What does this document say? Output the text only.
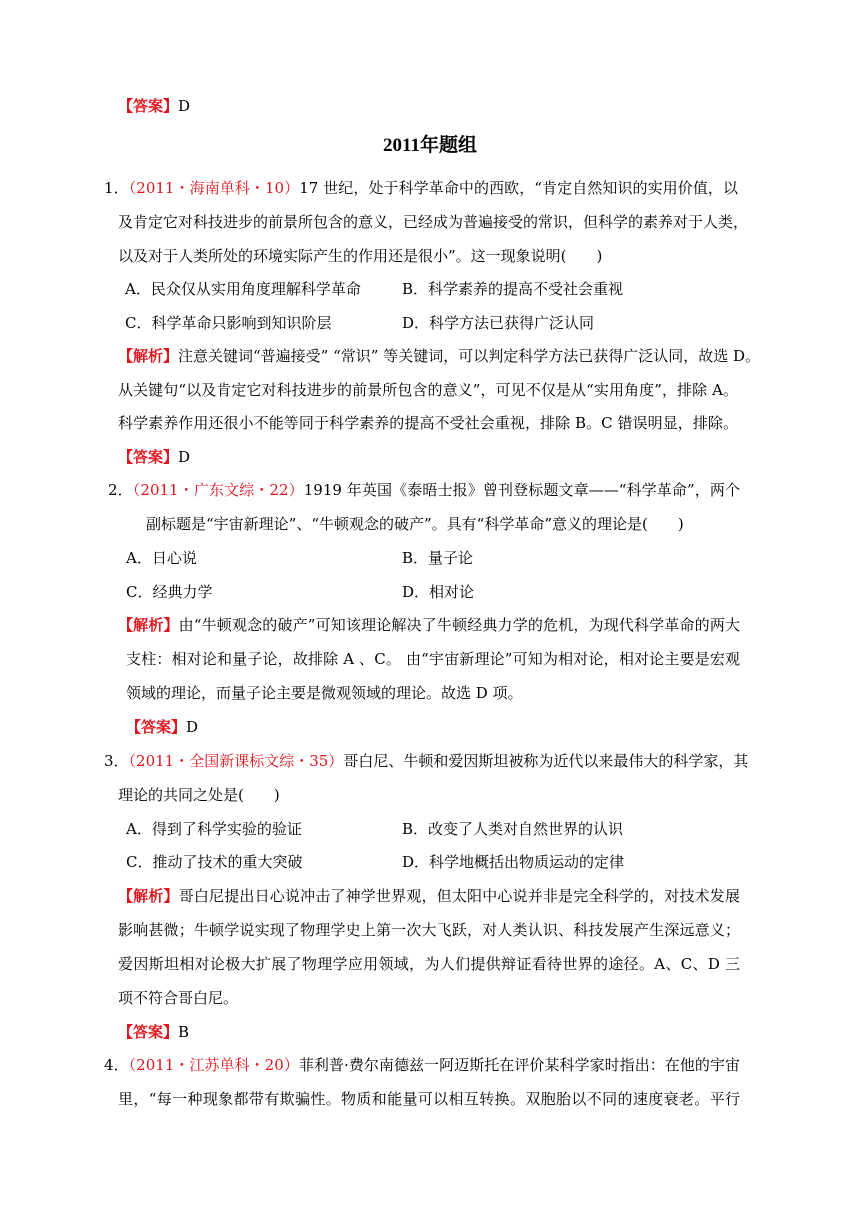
【答案】D
2011年题组
1．（2011・海南单科・10）17 世纪，处于科学革命中的西欧，“肯定自然知识的实用价值，以
及肯定它对科技进步的前景所包含的意义，已经成为普遍接受的常识，但科学的素养对于人类，
以及对于人类所处的环境实际产生的作用还是很小”。这一现象说明(　　)
A．民众仅从实用角度理解科学革命	B．科学素养的提高不受社会重视
C．科学革命只影响到知识阶层	D．科学方法已获得广泛认同
【解析】注意关键词“普遍接受” “常识” 等关键词，可以判定科学方法已获得广泛认同，故选 D。
从关键句“以及肯定它对科技进步的前景所包含的意义”，可见不仅是从“实用角度”，排除 A。
科学素养作用还很小不能等同于科学素养的提高不受社会重视，排除 B。C 错误明显，排除。
【答案】D
2．（2011・广东文综・22）1919 年英国《泰晤士报》曾刊登标题文章——“科学革命”，两个
副标题是“宇宙新理论”、“牛顿观念的破产”。具有“科学革命”意义的理论是(　　)
A．日心说	B．量子论
C．经典力学	D．相对论
【解析】由“牛顿观念的破产”可知该理论解决了牛顿经典力学的危机，为现代科学革命的两大
支柱：相对论和量子论，故排除 A 、C。 由“宇宙新理论”可知为相对论，相对论主要是宏观
领域的理论，而量子论主要是微观领域的理论。故选 D 项。
【答案】D
3．（2011・全国新课标文综・35）哥白尼、牛顿和爱因斯坦被称为近代以来最伟大的科学家，其
理论的共同之处是(　　)
A．得到了科学实验的验证	B．改变了人类对自然世界的认识
C．推动了技术的重大突破	D．科学地概括出物质运动的定律
【解析】哥白尼提出日心说冲击了神学世界观，但太阳中心说并非是完全科学的，对技术发展
影响甚微；牛顿学说实现了物理学史上第一次大飞跃，对人类认识、科技发展产生深远意义；
爱因斯坦相对论极大扩展了物理学应用领域，为人们提供辩证看待世界的途径。A、C、D 三
项不符合哥白尼。
【答案】B
4．（2011・江苏单科・20）菲利普·费尔南德兹一阿迈斯托在评价某科学家时指出：在他的宇宙
里，“每一种现象都带有欺骗性。物质和能量可以相互转换。双胞胎以不同的速度衰老。平行
